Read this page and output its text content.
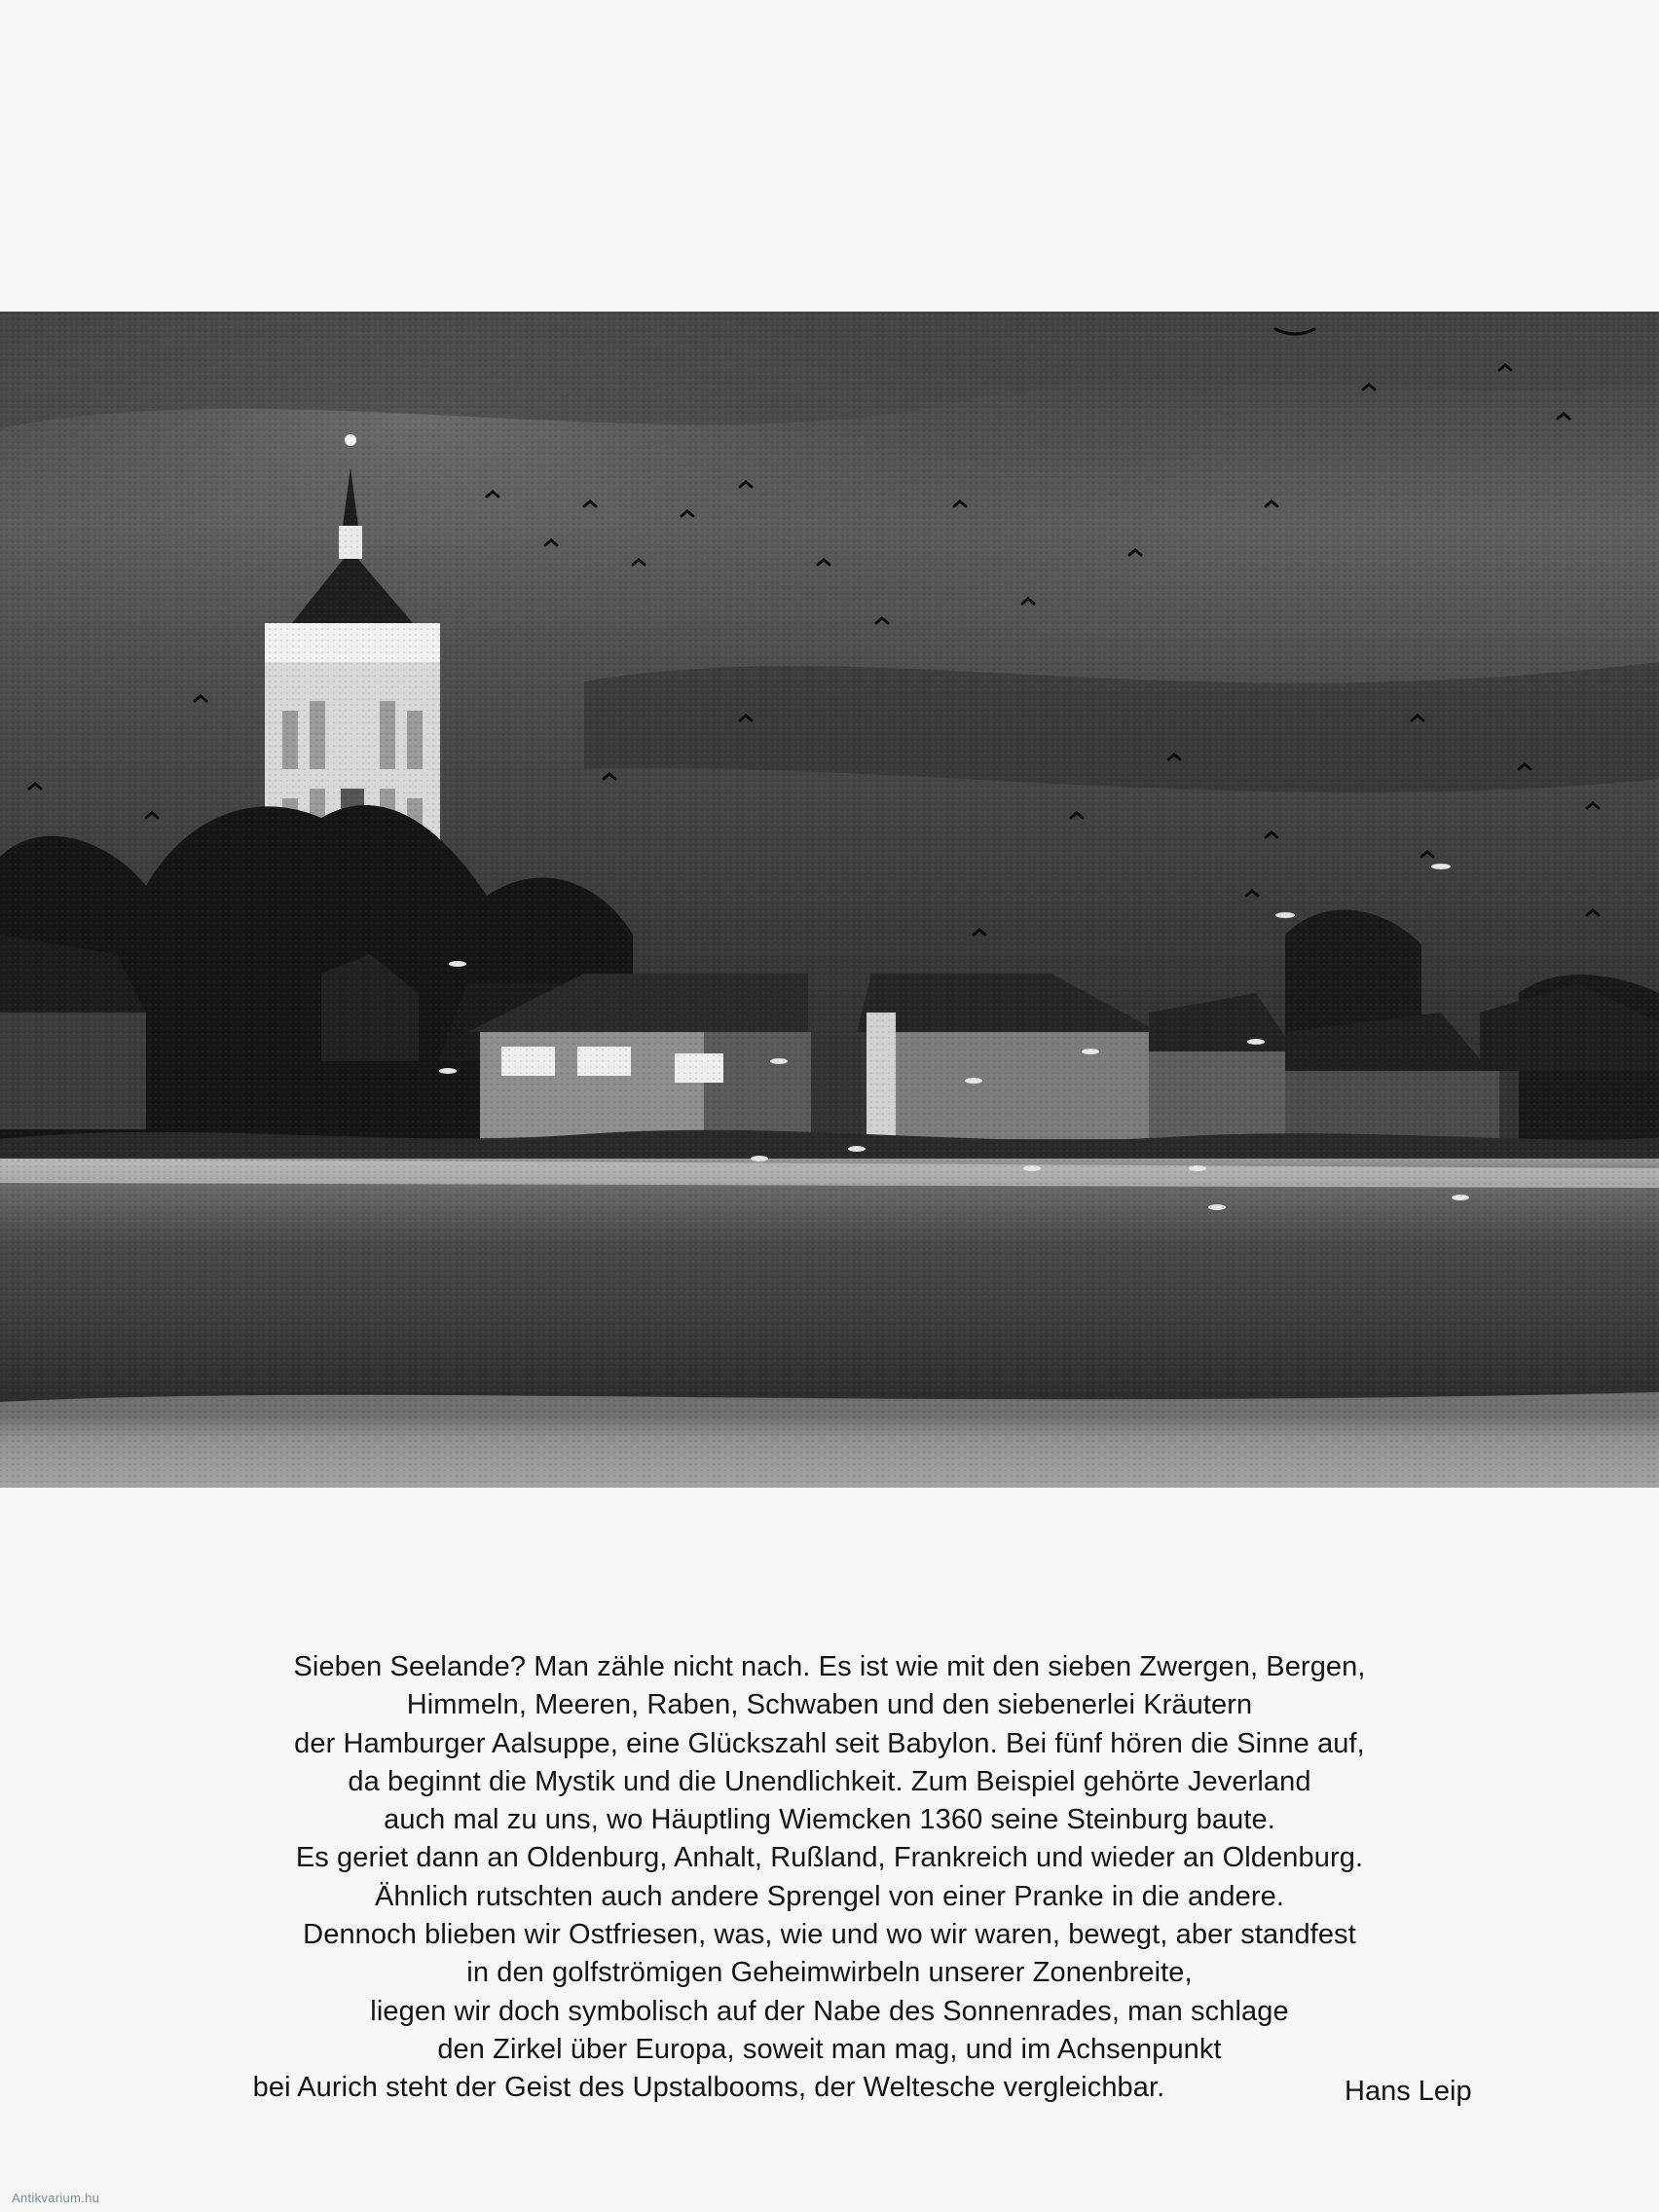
Sieben Seelande? Man zähle nicht nach. Es ist wie mit den sieben Zwergen, Bergen,
Himmeln, Meeren, Raben, Schwaben und den siebenerlei Kräutern
der Hamburger Aalsuppe, eine Glückszahl seit Babylon. Bei fünf hören die Sinne auf,
da beginnt die Mystik und die Unendlichkeit. Zum Beispiel gehörte Jeverland
auch mal zu uns, wo Häuptling Wiemcken 1360 seine Steinburg baute.
Es geriet dann an Oldenburg, Anhalt, Rußland, Frankreich und wieder an Oldenburg.
Ähnlich rutschten auch andere Sprengel von einer Pranke in die andere.
Dennoch blieben wir Ostfriesen, was, wie und wo wir waren, bewegt, aber standfest
in den golfströmigen Geheimwirbeln unserer Zonenbreite,
liegen wir doch symbolisch auf der Nabe des Sonnenrades, man schlage
den Zirkel über Europa, soweit man mag, und im Achsenpunkt
bei Aurich steht der Geist des Upstalbooms, der Weltesche vergleichbar.	Hans Leip
Antikvarium.hu
